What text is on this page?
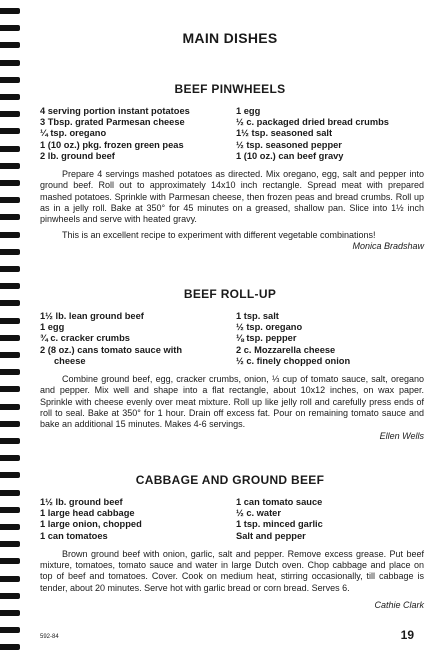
MAIN DISHES
BEEF PINWHEELS
4 serving portion instant potatoes
3 Tbsp. grated Parmesan cheese
¼ tsp. oregano
1 (10 oz.) pkg. frozen green peas
2 lb. ground beef
1 egg
½ c. packaged dried bread crumbs
1½ tsp. seasoned salt
½ tsp. seasoned pepper
1 (10 oz.) can beef gravy
Prepare 4 servings mashed potatoes as directed. Mix oregano, egg, salt and pepper into ground beef. Roll out to approximately 14x10 inch rectangle. Spread meat with prepared mashed potatoes. Sprinkle with Parmesan cheese, then frozen peas and bread crumbs. Roll up as in a jelly roll. Bake at 350° for 45 minutes on a greased, shallow pan. Slice into 1½ inch pinwheels and serve with heated gravy.
This is an excellent recipe to experiment with different vegetable combinations!
Monica Bradshaw
BEEF ROLL-UP
1½ lb. lean ground beef
1 egg
¾ c. cracker crumbs
2 (8 oz.) cans tomato sauce with
cheese
1 tsp. salt
½ tsp. oregano
⅛ tsp. pepper
2 c. Mozzarella cheese
½ c. finely chopped onion
Combine ground beef, egg, cracker crumbs, onion, ⅓ cup of tomato sauce, salt, oregano and pepper. Mix well and shape into a flat rectangle, about 10x12 inches, on wax paper. Sprinkle with cheese evenly over meat mixture. Roll up like jelly roll and carefully press ends of roll to seal. Bake at 350° for 1 hour. Drain off excess fat. Pour on remaining tomato sauce and bake an additional 15 minutes. Makes 4-6 servings.
Ellen Wells
CABBAGE AND GROUND BEEF
1½ lb. ground beef
1 large head cabbage
1 large onion, chopped
1 can tomatoes
1 can tomato sauce
½ c. water
1 tsp. minced garlic
Salt and pepper
Brown ground beef with onion, garlic, salt and pepper. Remove excess grease. Put beef mixture, tomatoes, tomato sauce and water in large Dutch oven. Chop cabbage and place on top of beef and tomatoes. Cover. Cook on medium heat, stirring occasionally, till cabbage is tender, about 20 minutes. Serve hot with garlic bread or corn bread. Serves 6.
Cathie Clark
592-84	19
